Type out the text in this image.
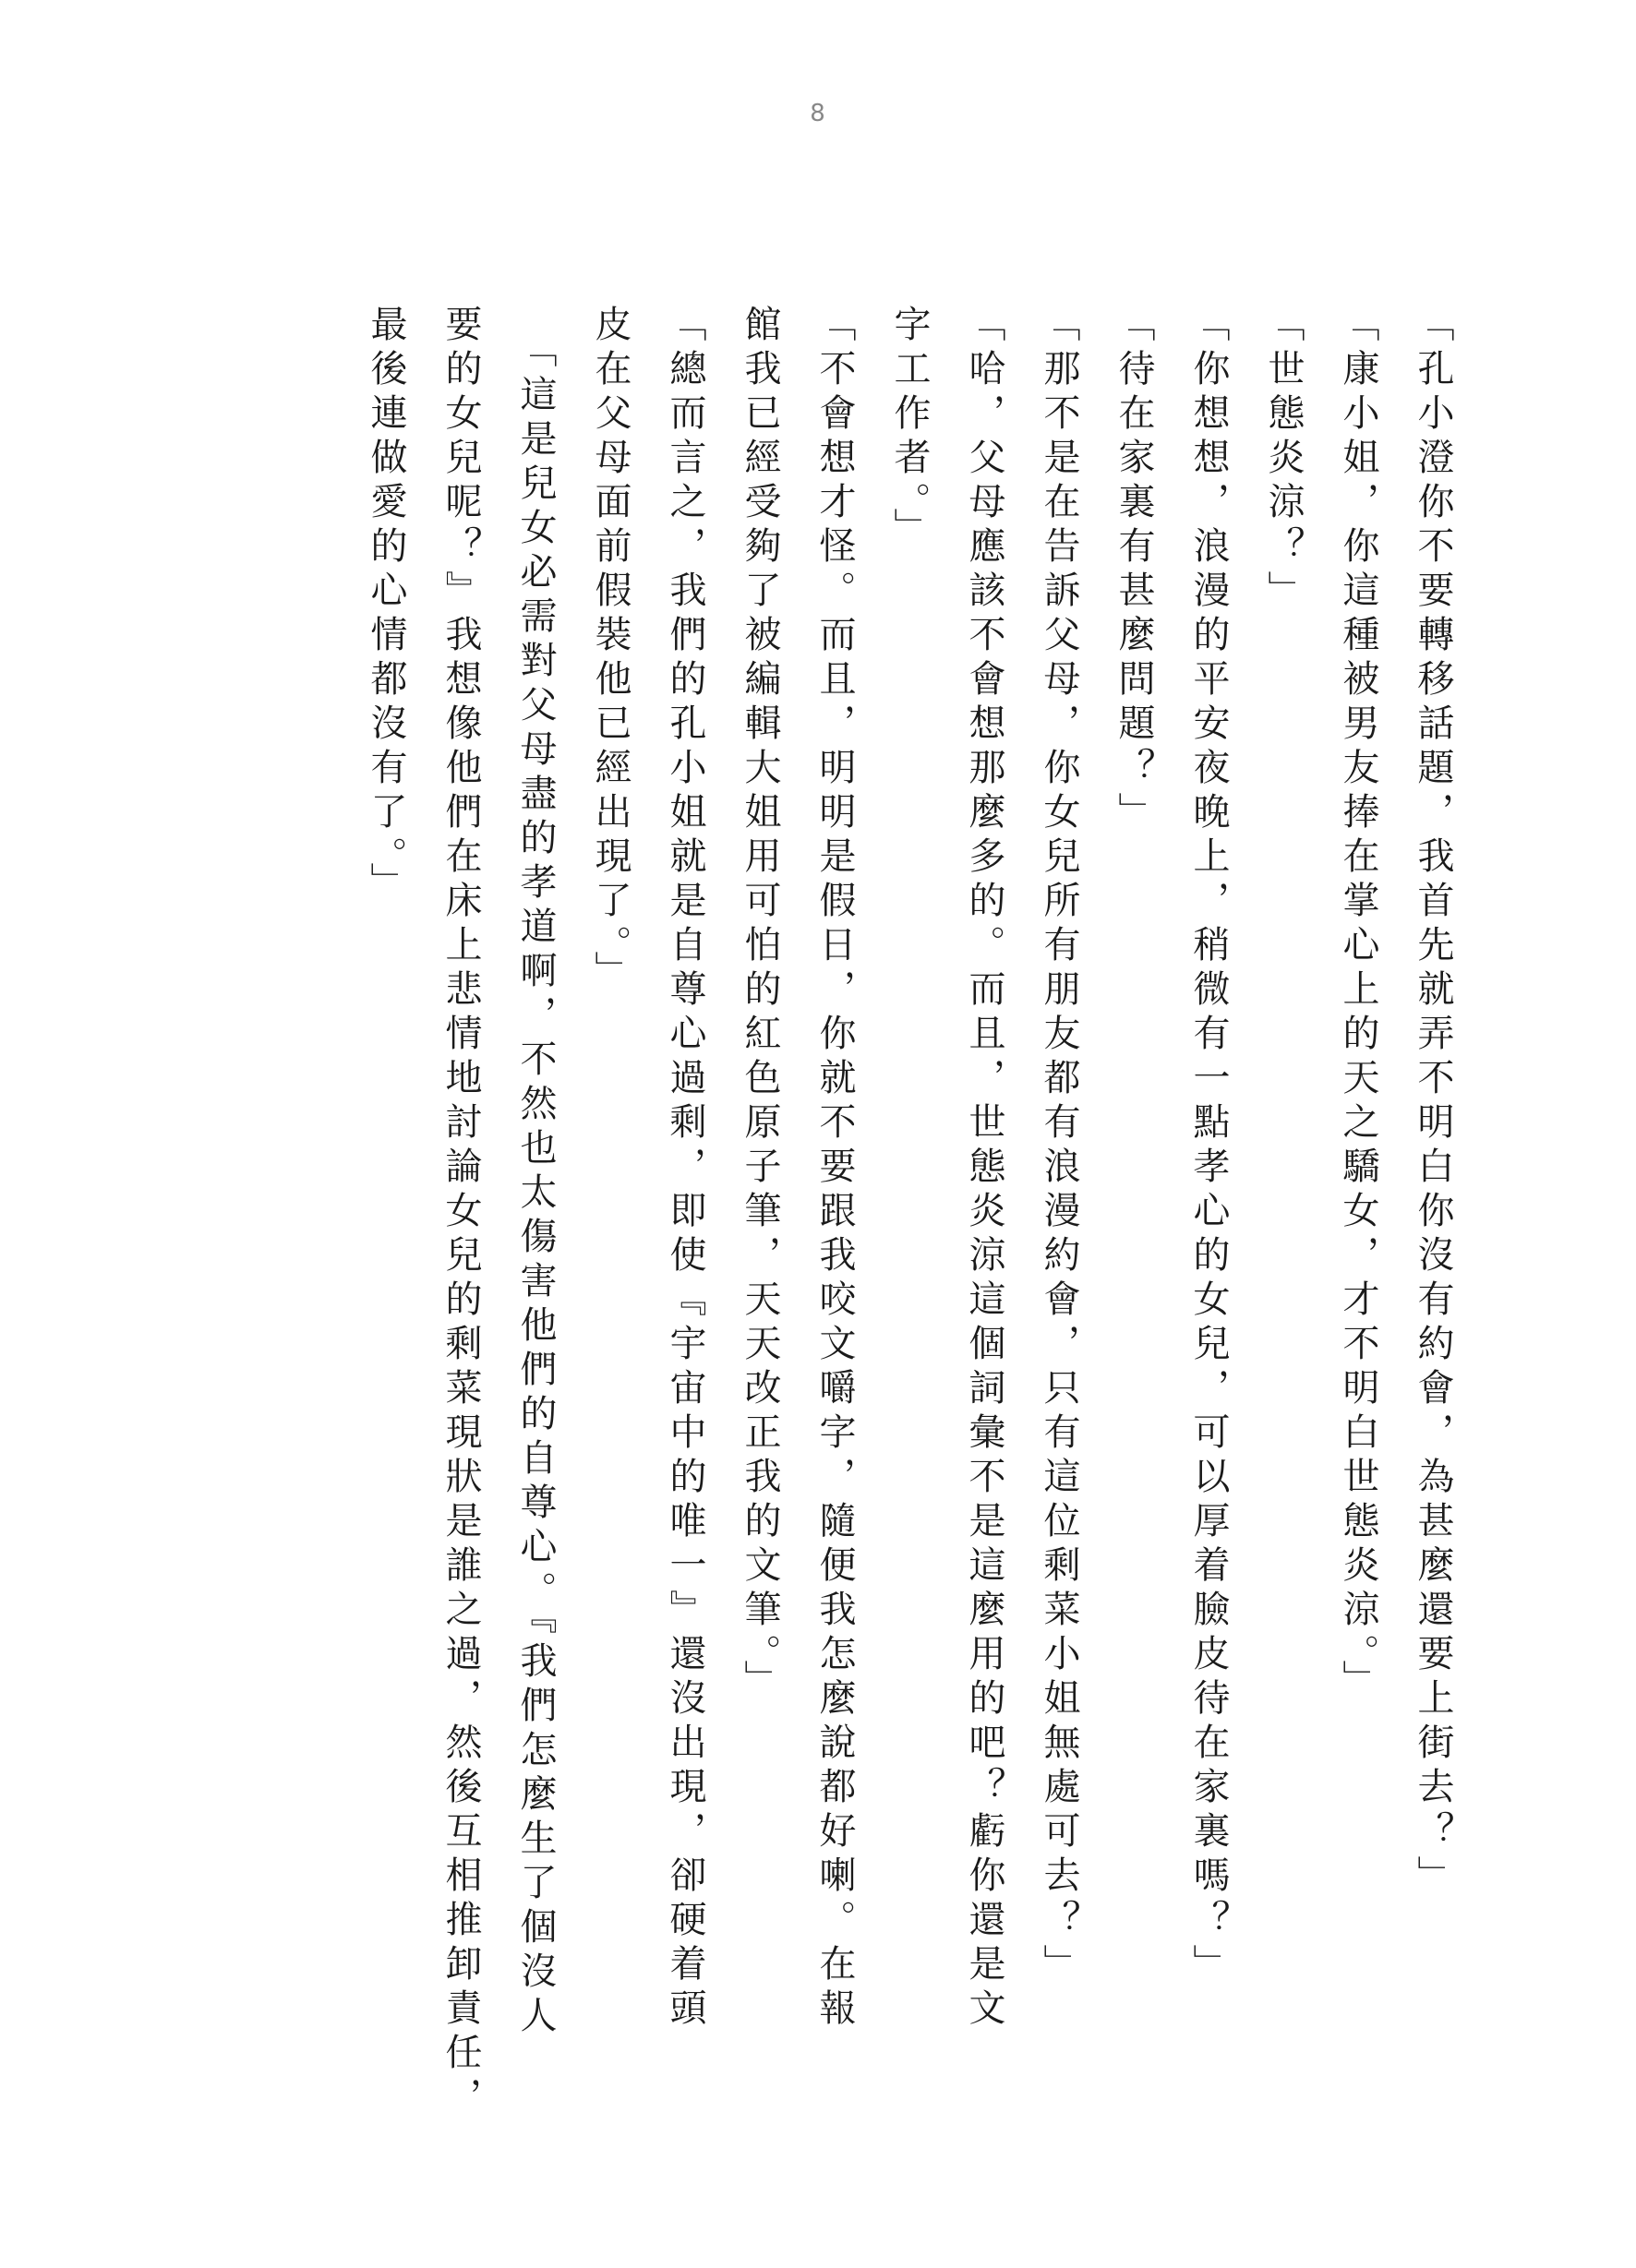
8
「孔小澄你不要轉移話題，我首先就弄不明白你沒有約會，為甚麼還要上街去？」
「康小姐，你這種被男友捧在掌心上的天之驕女，才不明白世態炎涼。」
「世態炎涼？」
「你想想，浪漫的平安夜晚上，稍微有一點孝心的女兒，可以厚着臉皮待在家裏嗎？」
「待在家裏有甚麼問題？」
「那不是在告訴父母，你女兒所有朋友都有浪漫約會，只有這位剩菜小姐無處可去？」
「哈，父母應該不會想那麼多的。而且，世態炎涼這個詞彙不是這麼用的吧？虧你還是文
字工作者。」
「不會想才怪。而且，明明是假日，你就不要跟我咬文嚼字，隨便我怎麼說都好喇。在報
館我已經受夠了被編輯大姐用可怕的紅色原子筆，天天改正我的文筆。」
「總而言之，我們的孔小姐就是自尊心過剩，即使『宇宙中的唯一』還沒出現，卻硬着頭
皮在父母面前假裝他已經出現了。」
　「這是兒女必需對父母盡的孝道啊，不然也太傷害他們的自尊心。『我們怎麼生了個沒人
要的女兒呢？』我想像他們在床上悲情地討論女兒的剩菜現狀是誰之過，然後互相推卸責任，
最後連做愛的心情都沒有了。」
